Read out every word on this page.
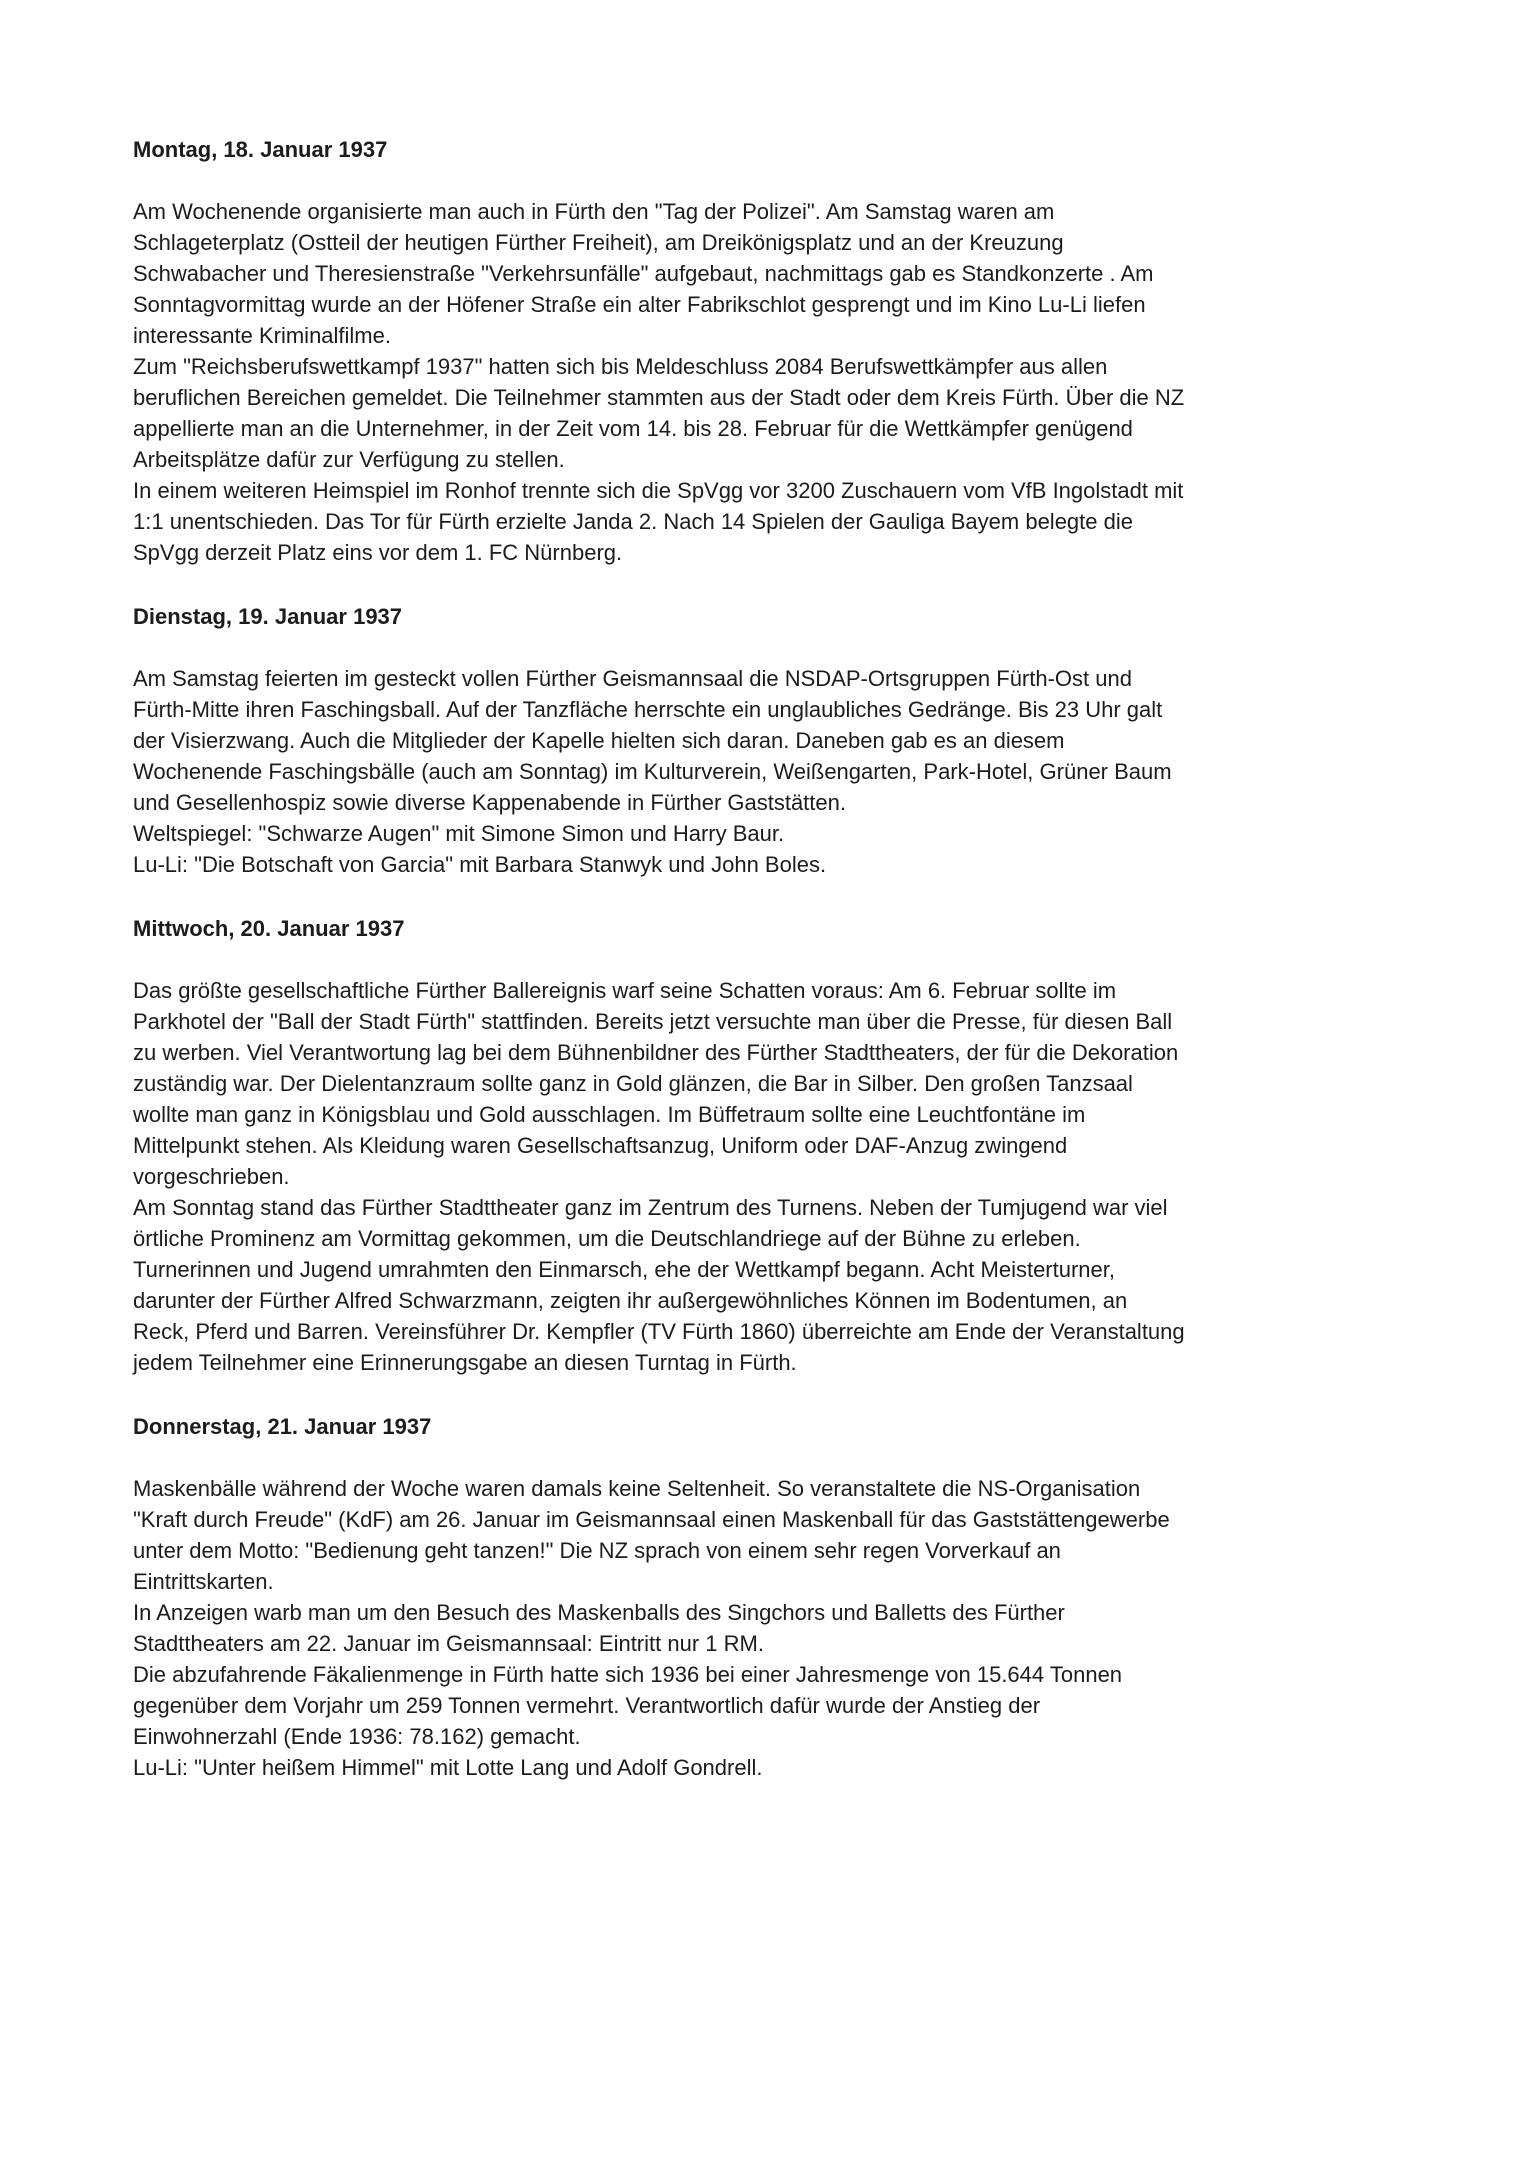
Montag, 18. Januar 1937

Am Wochenende organisierte man auch in Fürth den "Tag der Polizei". Am Samstag waren am Schlageterplatz (Ostteil der heutigen Fürther Freiheit), am Dreikönigsplatz und an der Kreuzung Schwabacher und Theresienstraße "Verkehrsunfälle" aufgebaut, nachmittags gab es Standkonzerte . Am Sonntagvormittag wurde an der Höfener Straße ein alter Fabrikschlot gesprengt und im Kino Lu-Li liefen interessante Kriminalfilme.

Zum "Reichsberufswettkampf 1937" hatten sich bis Meldeschluss 2084 Berufswettkämpfer aus allen beruflichen Bereichen gemeldet. Die Teilnehmer stammten aus der Stadt oder dem Kreis Fürth. Über die NZ appellierte man an die Unternehmer, in der Zeit vom 14. bis 28. Februar für die Wettkämpfer genügend Arbeitsplätze dafür zur Verfügung zu stellen.

In einem weiteren Heimspiel im Ronhof trennte sich die SpVgg vor 3200 Zuschauern vom VfB Ingolstadt mit 1:1 unentschieden. Das Tor für Fürth erzielte Janda 2. Nach 14 Spielen der Gauliga Bayem belegte die SpVgg derzeit Platz eins vor dem 1. FC Nürnberg.

Dienstag, 19. Januar 1937

Am Samstag feierten im gesteckt vollen Fürther Geismannsaal die NSDAP-Ortsgruppen Fürth-Ost und Fürth-Mitte ihren Faschingsball. Auf der Tanzfläche herrschte ein unglaubliches Gedränge. Bis 23 Uhr galt der Visierzwang. Auch die Mitglieder der Kapelle hielten sich daran. Daneben gab es an diesem Wochenende Faschingsbälle (auch am Sonntag) im Kulturverein, Weißengarten, Park-Hotel, Grüner Baum und Gesellenhospiz sowie diverse Kappenabende in Fürther Gaststätten.

Weltspiegel: "Schwarze Augen" mit Simone Simon und Harry Baur.

Lu-Li: "Die Botschaft von Garcia" mit Barbara Stanwyk und John Boles.

Mittwoch, 20. Januar 1937

Das größte gesellschaftliche Fürther Ballereignis warf seine Schatten voraus: Am 6. Februar sollte im Parkhotel der "Ball der Stadt Fürth" stattfinden. Bereits jetzt versuchte man über die Presse, für diesen Ball zu werben. Viel Verantwortung lag bei dem Bühnenbildner des Fürther Stadttheaters, der für die Dekoration zuständig war. Der Dielentanzraum sollte ganz in Gold glänzen, die Bar in Silber. Den großen Tanzsaal wollte man ganz in Königsblau und Gold ausschlagen. Im Büffetraum sollte eine Leuchtfontäne im Mittelpunkt stehen. Als Kleidung waren Gesellschaftsanzug, Uniform oder DAF-Anzug zwingend vorgeschrieben.

Am Sonntag stand das Fürther Stadttheater ganz im Zentrum des Turnens. Neben der Tumjugend war viel örtliche Prominenz am Vormittag gekommen, um die Deutschlandriege auf der Bühne zu erleben. Turnerinnen und Jugend umrahmten den Einmarsch, ehe der Wettkampf begann. Acht Meisterturner, darunter der Fürther Alfred Schwarzmann, zeigten ihr außergewöhnliches Können im Bodentumen, an Reck, Pferd und Barren. Vereinsführer Dr. Kempfler (TV Fürth 1860) überreichte am Ende der Veranstaltung jedem Teilnehmer eine Erinnerungsgabe an diesen Turntag in Fürth.

Donnerstag, 21. Januar 1937

Maskenbälle während der Woche waren damals keine Seltenheit. So veranstaltete die NS-Organisation "Kraft durch Freude" (KdF) am 26. Januar im Geismannsaal einen Maskenball für das Gaststättengewerbe unter dem Motto: "Bedienung geht tanzen!" Die NZ sprach von einem sehr regen Vorverkauf an Eintrittskarten.

In Anzeigen warb man um den Besuch des Maskenballs des Singchors und Balletts des Fürther Stadttheaters am 22. Januar im Geismannsaal: Eintritt nur 1 RM.

Die abzufahrende Fäkalienmenge in Fürth hatte sich 1936 bei einer Jahresmenge von 15.644 Tonnen gegenüber dem Vorjahr um 259 Tonnen vermehrt. Verantwortlich dafür wurde der Anstieg der Einwohnerzahl (Ende 1936: 78.162) gemacht.

Lu-Li: "Unter heißem Himmel" mit Lotte Lang und Adolf Gondrell.
